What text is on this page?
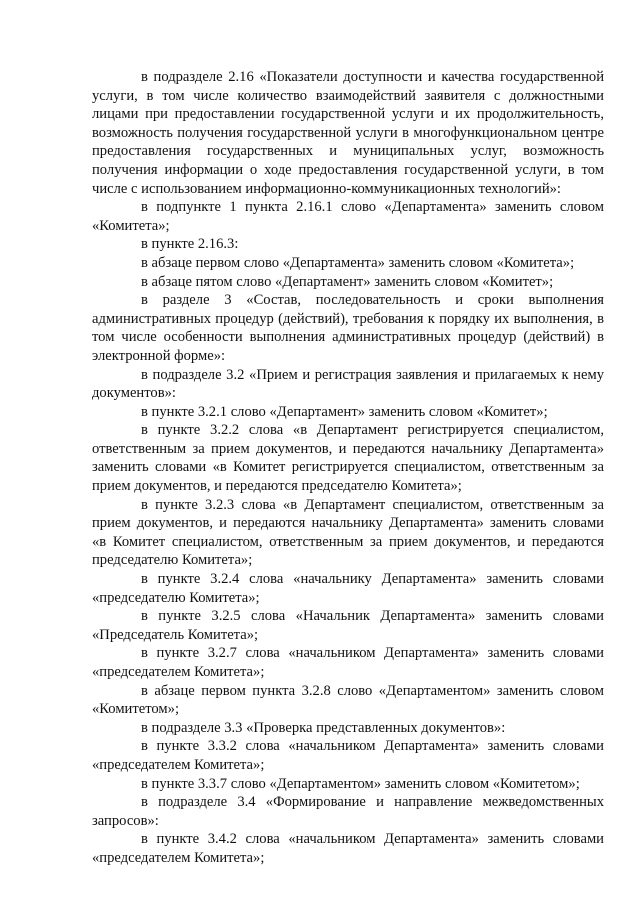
в подразделе 2.16 «Показатели доступности и качества государственной услуги, в том числе количество взаимодействий заявителя с должностными лицами при предоставлении государственной услуги и их продолжительность, возможность получения государственной услуги в многофункциональном центре предоставления государственных и муниципальных услуг, возможность получения информации о ходе предоставления государственной услуги, в том числе с использованием информационно-коммуникационных технологий»:

в подпункте 1 пункта 2.16.1 слово «Департамента» заменить словом «Комитета»;

в пункте 2.16.3:

в абзаце первом слово «Департамента» заменить словом «Комитета»;

в абзаце пятом слово «Департамент» заменить словом «Комитет»;

в разделе 3 «Состав, последовательность и сроки выполнения административных процедур (действий), требования к порядку их выполнения, в том числе особенности выполнения административных процедур (действий) в электронной форме»:

в подразделе 3.2 «Прием и регистрация заявления и прилагаемых к нему документов»:

в пункте 3.2.1 слово «Департамент» заменить словом «Комитет»;

в пункте 3.2.2 слова «в Департамент регистрируется специалистом, ответственным за прием документов, и передаются начальнику Департамента» заменить словами «в Комитет регистрируется специалистом, ответственным за прием документов, и передаются председателю Комитета»;

в пункте 3.2.3 слова «в Департамент специалистом, ответственным за прием документов, и передаются начальнику Департамента» заменить словами «в Комитет специалистом, ответственным за прием документов, и передаются председателю Комитета»;

в пункте 3.2.4 слова «начальнику Департамента» заменить словами «председателю Комитета»;

в пункте 3.2.5 слова «Начальник Департамента» заменить словами «Председатель Комитета»;

в пункте 3.2.7 слова «начальником Департамента» заменить словами «председателем Комитета»;

в абзаце первом пункта 3.2.8 слово «Департаментом» заменить словом «Комитетом»;

в подразделе 3.3 «Проверка представленных документов»:

в пункте 3.3.2 слова «начальником Департамента» заменить словами «председателем Комитета»;

в пункте 3.3.7 слово «Департаментом» заменить словом «Комитетом»;

в подразделе 3.4 «Формирование и направление межведомственных запросов»:

в пункте 3.4.2 слова «начальником Департамента» заменить словами «председателем Комитета»;
